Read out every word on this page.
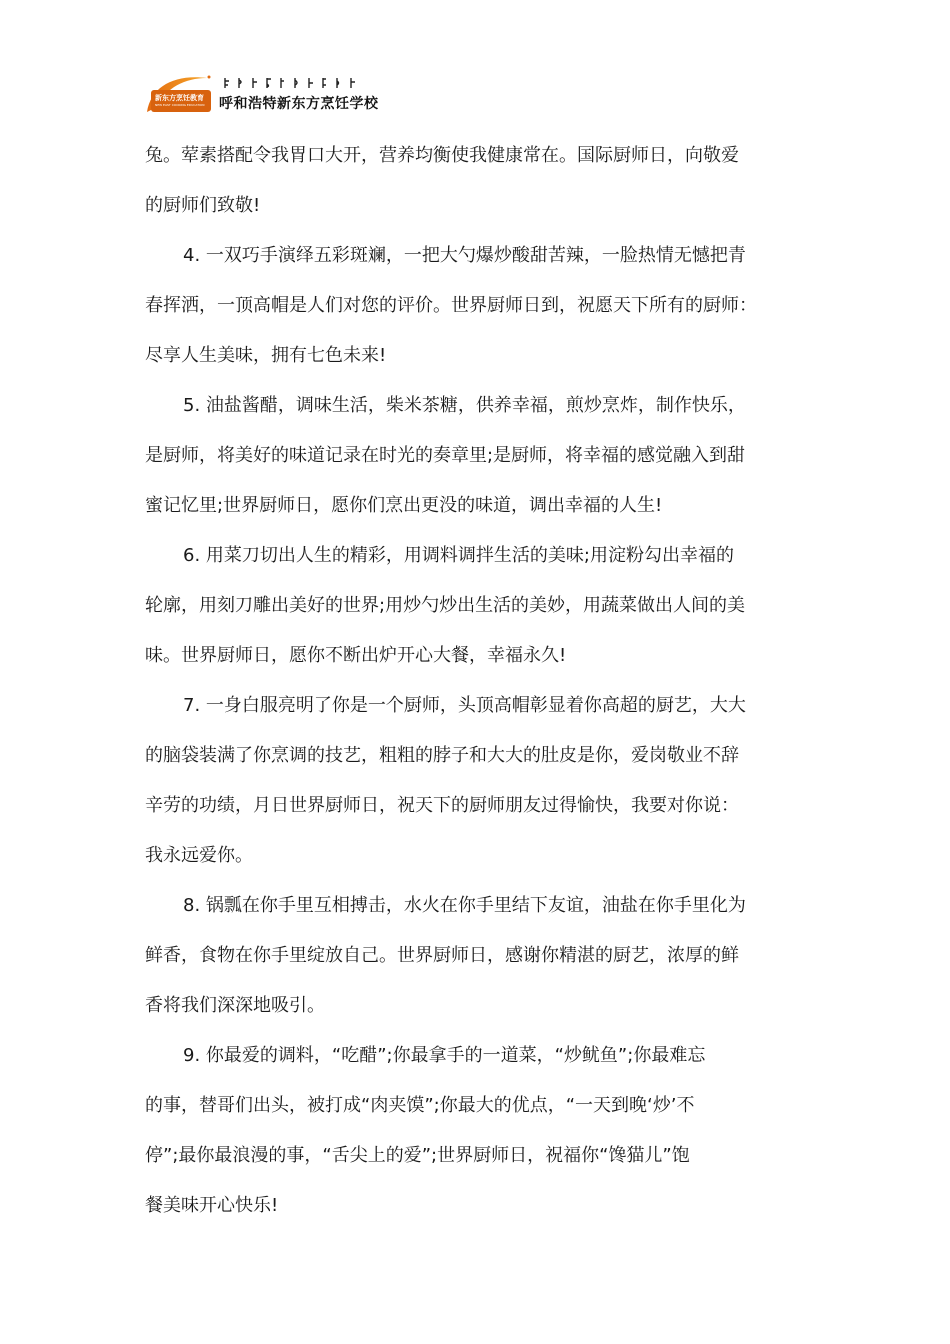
新东方烹饪教育
NEW EAST COOKING EDUCATION 呼和浩特新东方烹饪学校

兔。荤素搭配令我胃口大开，营养均衡使我健康常在。国际厨师日，向敬爱
的厨师们致敬!

4. 一双巧手演绎五彩斑斓，一把大勺爆炒酸甜苦辣，一脸热情无憾把青
春挥洒，一顶高帽是人们对您的评价。世界厨师日到，祝愿天下所有的厨师：
尽享人生美味，拥有七色未来!

5. 油盐酱醋，调味生活，柴米茶糖，供养幸福，煎炒烹炸，制作快乐，
是厨师，将美好的味道记录在时光的奏章里;是厨师，将幸福的感觉融入到甜
蜜记忆里;世界厨师日，愿你们烹出更没的味道，调出幸福的人生!

6. 用菜刀切出人生的精彩，用调料调拌生活的美味;用淀粉勾出幸福的
轮廓，用刻刀雕出美好的世界;用炒勺炒出生活的美妙，用蔬菜做出人间的美
味。世界厨师日，愿你不断出炉开心大餐，幸福永久!

7. 一身白服亮明了你是一个厨师，头顶高帽彰显着你高超的厨艺，大大
的脑袋装满了你烹调的技艺，粗粗的脖子和大大的肚皮是你，爱岗敬业不辞
辛劳的功绩，月日世界厨师日，祝天下的厨师朋友过得愉快，我要对你说：
我永远爱你。

8. 锅瓢在你手里互相搏击，水火在你手里结下友谊，油盐在你手里化为
鲜香，食物在你手里绽放自己。世界厨师日，感谢你精湛的厨艺，浓厚的鲜
香将我们深深地吸引。

9. 你最爱的调料，“吃醋”;你最拿手的一道菜，“炒鱿鱼”;你最难忘
的事，替哥们出头，被打成“肉夹馍”;你最大的优点，“一天到晚‘炒’不
停”;最你最浪漫的事，“舌尖上的爱”;世界厨师日，祝福你“馋猫儿”饱
餐美味开心快乐!
